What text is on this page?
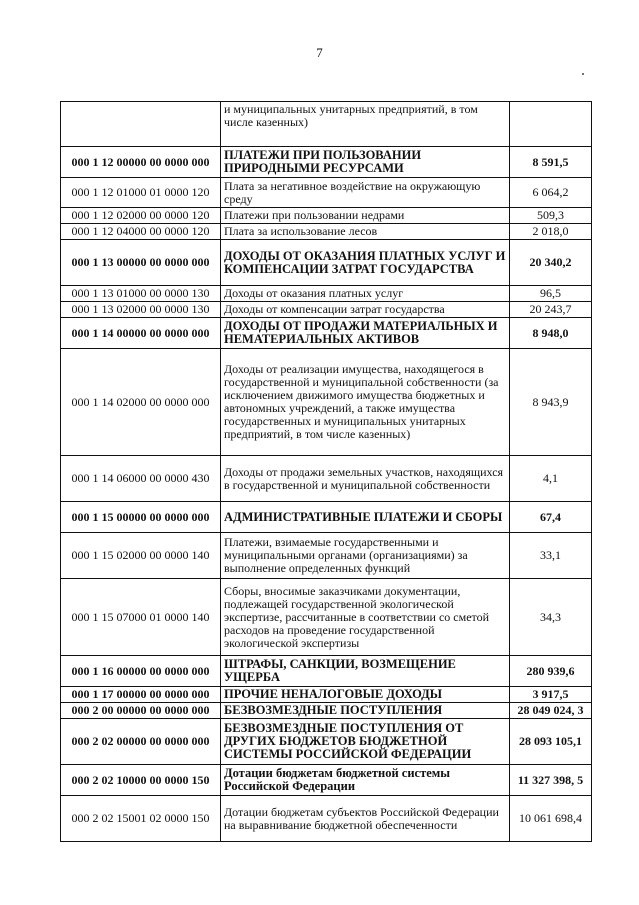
7
	и муниципальных унитарных предприятий, в том числе казенных)	
000 1 12 00000 00 0000 000	ПЛАТЕЖИ ПРИ ПОЛЬЗОВАНИИ ПРИРОДНЫМИ РЕСУРСАМИ	8 591,5
000 1 12 01000 01 0000 120	Плата за негативное воздействие на окружающую среду	6 064,2
000 1 12 02000 00 0000 120	Платежи при пользовании недрами	509,3
000 1 12 04000 00 0000 120	Плата за использование лесов	2 018,0
000 1 13 00000 00 0000 000	ДОХОДЫ ОТ ОКАЗАНИЯ ПЛАТНЫХ УСЛУГ И КОМПЕНСАЦИИ ЗАТРАТ ГОСУДАРСТВА	20 340,2
000 1 13 01000 00 0000 130	Доходы от оказания платных услуг	96,5
000 1 13 02000 00 0000 130	Доходы от компенсации затрат государства	20 243,7
000 1 14 00000 00 0000 000	ДОХОДЫ ОТ ПРОДАЖИ МАТЕРИАЛЬНЫХ И НЕМАТЕРИАЛЬНЫХ АКТИВОВ	8 948,0
000 1 14 02000 00 0000 000	Доходы от реализации имущества, находящегося в государственной и муниципальной собственности (за исключением движимого имущества бюджетных и автономных учреждений, а также имущества государственных и муниципальных унитарных предприятий, в том числе казенных)	8 943,9
000 1 14 06000 00 0000 430	Доходы от продажи земельных участков, находящихся в государственной и муниципальной собственности	4,1
000 1 15 00000 00 0000 000	АДМИНИСТРАТИВНЫЕ ПЛАТЕЖИ И СБОРЫ	67,4
000 1 15 02000 00 0000 140	Платежи, взимаемые государственными и муниципальными органами (организациями) за выполнение определенных функций	33,1
000 1 15 07000 01 0000 140	Сборы, вносимые заказчиками документации, подлежащей государственной экологической экспертизе, рассчитанные в соответствии со сметой расходов на проведение государственной экологической экспертизы	34,3
000 1 16 00000 00 0000 000	ШТРАФЫ, САНКЦИИ, ВОЗМЕЩЕНИЕ УЩЕРБА	280 939,6
000 1 17 00000 00 0000 000	ПРОЧИЕ НЕНАЛОГОВЫЕ ДОХОДЫ	3 917,5
000 2 00 00000 00 0000 000	БЕЗВОЗМЕЗДНЫЕ ПОСТУПЛЕНИЯ	28 049 024, 3
000 2 02 00000 00 0000 000	БЕЗВОЗМЕЗДНЫЕ ПОСТУПЛЕНИЯ ОТ ДРУГИХ БЮДЖЕТОВ БЮДЖЕТНОЙ СИСТЕМЫ РОССИЙСКОЙ ФЕДЕРАЦИИ	28 093 105,1
000 2 02 10000 00 0000 150	Дотации бюджетам бюджетной системы Российской Федерации	11 327 398, 5
000 2 02 15001 02 0000 150	Дотации бюджетам субъектов Российской Федерации на выравнивание бюджетной обеспеченности	10 061 698,4
